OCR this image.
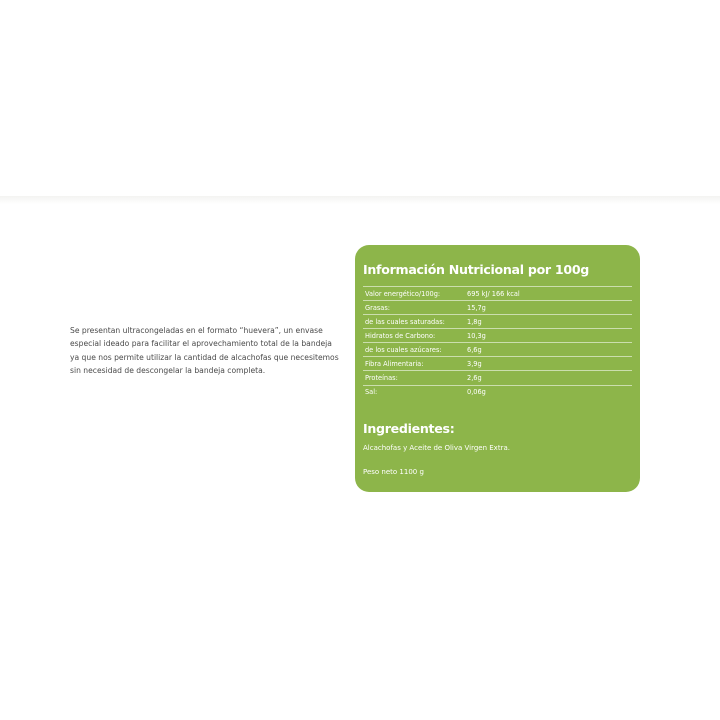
Se presentan ultracongeladas en el formato “huevera”, un envase especial ideado para facilitar el aprovechamiento total de la bandeja ya que nos permite utilizar la cantidad de alcachofas que necesitemos sin necesidad de descongelar la bandeja completa.

Información Nutricional por 100g
Valor energético/100g:	695 kJ/ 166 kcal
Grasas:	15,7g
de las cuales saturadas:	1,8g
Hidratos de Carbono:	10,3g
de los cuales azúcares:	6,6g
Fibra Alimentaria:	3,9g
Proteínas:	2,6g
Sal:	0,06g
Ingredientes:

Alcachofas y Aceite de Oliva Virgen Extra.

Peso neto 1100 g
